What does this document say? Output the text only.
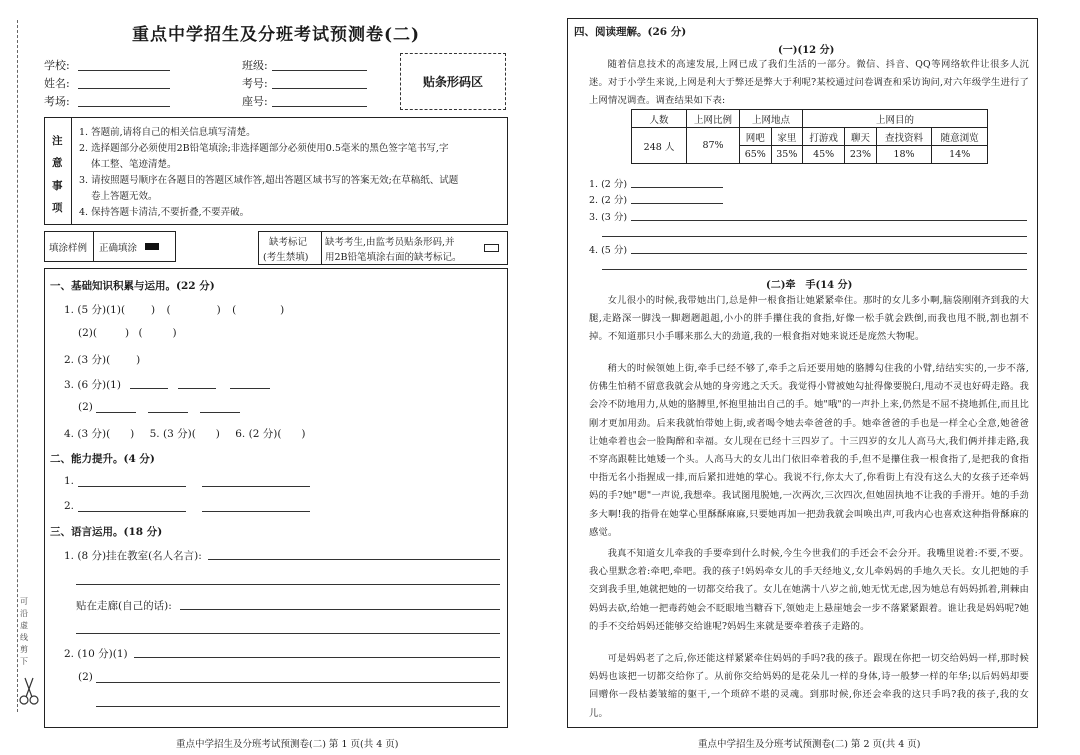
重点中学招生及分班考试预测卷(二)
学校:
姓名:
考场:
班级:
考号:
座号:
贴条形码区
注
意
事
项
1. 答题前,请将自己的相关信息填写清楚。
2. 选择题部分必须使用2B铅笔填涂;非选择题部分必须使用0.5毫米的黑色签字笔书写,字
体工整、笔迹清楚。
3. 请按照题号顺序在各题目的答题区域作答,超出答题区域书写的答案无效;在草稿纸、试题
卷上答题无效。
4. 保持答题卡清洁,不要折叠,不要弄破。
填涂样例 正确填涂
缺考标记
(考生禁填)
缺考考生,由监考员贴条形码,并
用2B铅笔填涂右面的缺考标记。
一、基础知识积累与运用。(22 分)
1. (5 分)(1)( ) (	) (	)
(2)(	) (	)
2. (3 分)( )
3. (6 分)(1)
(2)
4. (3 分)( ) 5. (3 分)( ) 6. (2 分)( )
二、能力提升。(4 分)
1.
2.
三、语言运用。(18 分)
1. (8 分)挂在教室(名人名言):
贴在走廊(自己的话):
2. (10 分)(1)
(2)
可
沿
虚
线
剪
下
重点中学招生及分班考试预测卷(二) 第 1 页(共 4 页)
四、阅读理解。(26 分)
(一)(12 分)
随着信息技术的高速发展,上网已成了我们生活的一部分。微信、抖音、QQ等网络软件让很多人沉迷。对于小学生来说,上网是利大于弊还是弊大于利呢?某校通过问卷调查和采访询问,对六年级学生进行了上网情况调查。调查结果如下表:
人数	上网比例	上网地点		上网目的			
248 人	87%	网吧	家里	打游戏	聊天	查找资料	随意浏览
		65%	35%	45%	23%	18%	14%
1. (2 分)
2. (2 分)
3. (3 分)
4. (5 分)
(二)牵　手(14 分)
女儿很小的时候,我带她出门,总是伸一根食指让她紧紧牵住。那时的女儿多小啊,脑袋刚刚齐到我的大腿,走路深一脚浅一脚趔趔趄趄,小小的胖手攥住我的食指,好像一松手就会跌倒,而我也甩不脱,割也割不掉。不知道那只小手哪来那么大的劲道,我的一根食指对她来说还是庞然大物呢。
稍大的时候领她上街,牵手已经不够了,牵手之后还要用她的胳膊勾住我的小臂,结结实实的,一步不落,仿佛生怕稍不留意我就会从她的身旁逃之夭夭。我觉得小臂被她勾扯得像要脱臼,甩动不灵也好碍走路。我会冷不防地用力,从她的胳膊里,怀抱里抽出自己的手。她"哦"的一声扑上来,仍然是不屈不挠地抓住,而且比刚才更加用劲。后来我就怕带她上街,或者喝令她去牵爸爸的手。她牵爸爸的手也是一样全心全意,她爸爸让她牵着也会一脸陶醉和幸福。女儿现在已经十三四岁了。十三四岁的女儿人高马大,我们俩并排走路,我不穿高跟鞋比她矮一个头。人高马大的女儿出门依旧牵着我的手,但不是攥住我一根食指了,是把我的食指中指无名小指握成一排,而后紧扣进她的掌心。我说不行,你太大了,你看街上有没有这么大的女孩子还牵妈妈的手?她"嗯"一声说,我想牵。我试图甩脱她,一次两次,三次四次,但她固执地不让我的手滑开。她的手劲多大啊!我的指骨在她掌心里酥酥麻麻,只要她再加一把劲我就会叫唤出声,可我内心也喜欢这种指骨酥麻的感觉。
我真不知道女儿牵我的手要牵到什么时候,今生今世我们的手还会不会分开。我嘴里说着:不要,不要。我心里默念着:牵吧,牵吧。我的孩子!妈妈牵女儿的手天经地义,女儿牵妈妈的手地久天长。女儿把她的手交到我手里,她就把她的一切都交给我了。女儿在她满十八岁之前,她无忧无虑,因为她总有妈妈抓着,荆棘由妈妈去砍,给她一把毒药她会不眨眼地当糖吞下,领她走上悬崖她会一步不落紧紧跟着。谁让我是妈妈呢?她的手不交给妈妈还能够交给谁呢?妈妈生来就是要牵着孩子走路的。
可是妈妈老了之后,你还能这样紧紧牵住妈妈的手吗?我的孩子。跟现在你把一切交给妈妈一样,那时候妈妈也该把一切都交给你了。从前你交给妈妈的是花朵儿一样的身体,诗一般梦一样的年华;以后妈妈却要回赠你一段枯萎皱缩的躯干,一个琐碎不堪的灵魂。到那时候,你还会牵我的这只手吗?我的孩子,我的女儿。
重点中学招生及分班考试预测卷(二) 第 2 页(共 4 页)
